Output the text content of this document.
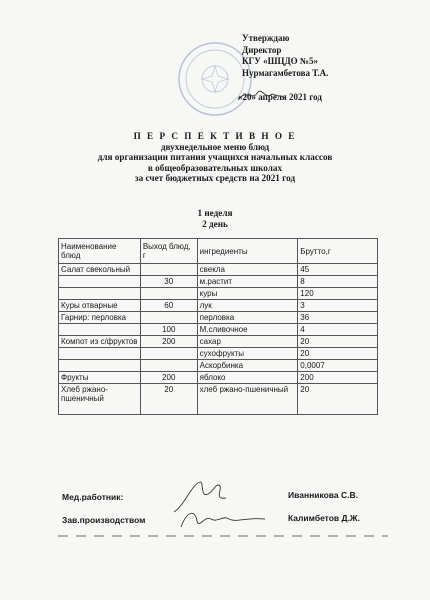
Утверждаю
Директор
КГУ «ШЦДО №5»
Нурмагамбетова Т.А.
«20» апреля 2021 год
П Е Р С П Е К Т И В Н О Е
двухнедельное меню блюд
для организации питания учащихся начальных классов
в общеобразовательных школах
за счет бюджетных средств на 2021 год
1 неделя
2 день
Наименование блюд	Выход блюд, г	ингредиенты	Брутто,г
Салат свекольный		свекла	45
	30	м.растит	8
		куры	120
Куры отварные	60	лук	3
Гарнир: перловка		перловка	36
	100	М.сливочное	4
Компот из с/фруктов	200	сахар	20
		сухофрукты	20
		Аскорбинка	0,0007
Фрукты	200	яблоко	200
Хлеб ржано-пшеничный	20	хлеб ржано-пшеничный	20
Мед.работник:	Иванникова С.В.
Зав.производством	Калимбетов Д.Ж.
